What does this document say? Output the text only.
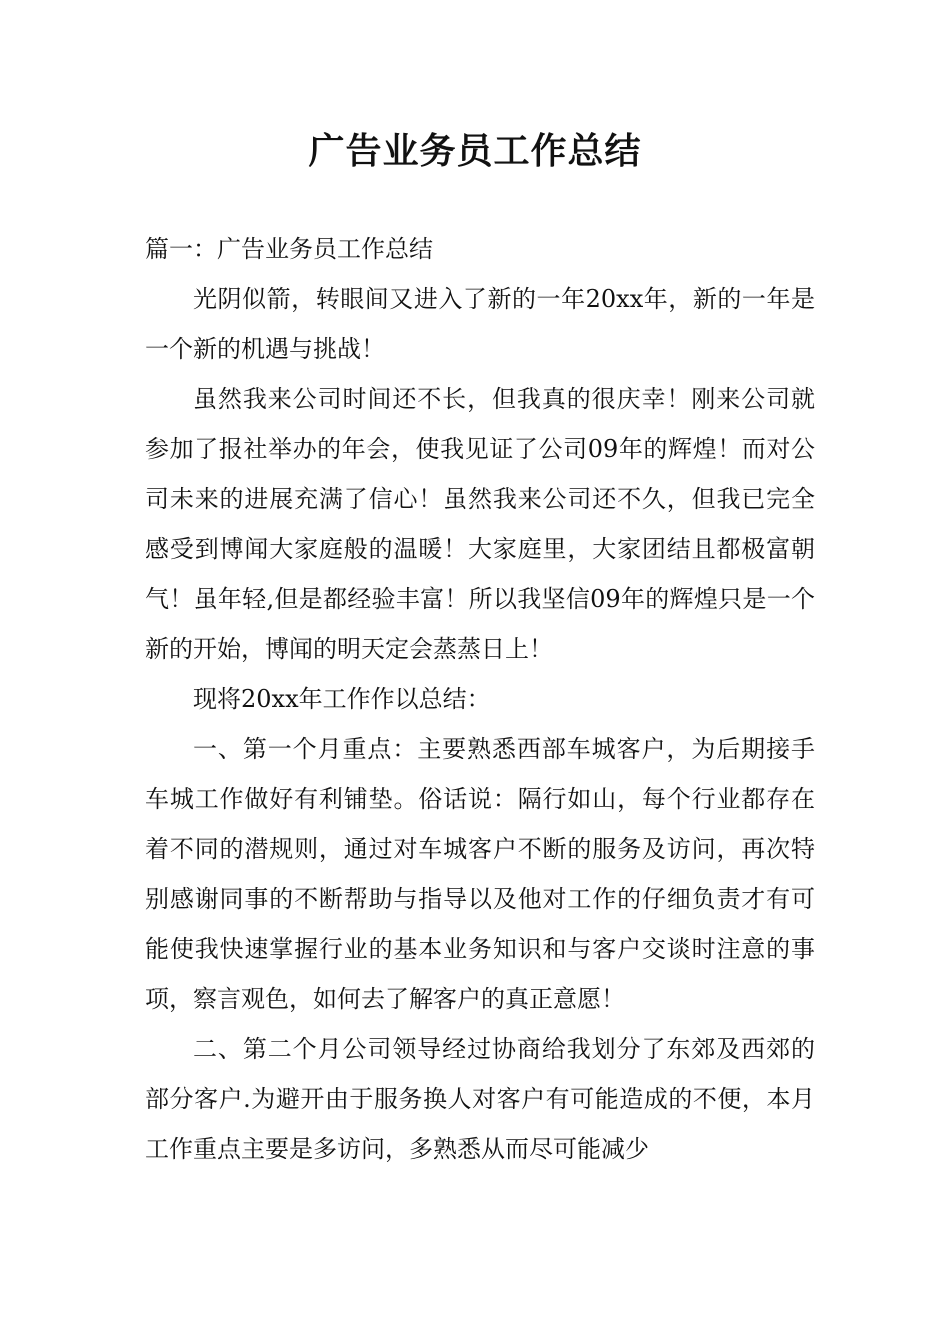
广告业务员工作总结

篇一：广告业务员工作总结

光阴似箭，转眼间又进入了新的一年20xx年，新的一年是一个新的机遇与挑战！

虽然我来公司时间还不长，但我真的很庆幸！刚来公司就参加了报社举办的年会，使我见证了公司09年的辉煌！而对公司未来的进展充满了信心！虽然我来公司还不久，但我已完全感受到博闻大家庭般的温暖！大家庭里，大家团结且都极富朝气！虽年轻,但是都经验丰富！所以我坚信09年的辉煌只是一个新的开始，博闻的明天定会蒸蒸日上！

现将20xx年工作作以总结：

一、第一个月重点：主要熟悉西部车城客户，为后期接手车城工作做好有利铺垫。俗话说：隔行如山，每个行业都存在着不同的潜规则，通过对车城客户不断的服务及访问，再次特别感谢同事的不断帮助与指导以及他对工作的仔细负责才有可能使我快速掌握行业的基本业务知识和与客户交谈时注意的事项，察言观色，如何去了解客户的真正意愿！

二、第二个月公司领导经过协商给我划分了东郊及西郊的部分客户.为避开由于服务换人对客户有可能造成的不便，本月工作重点主要是多访问，多熟悉从而尽可能减少
